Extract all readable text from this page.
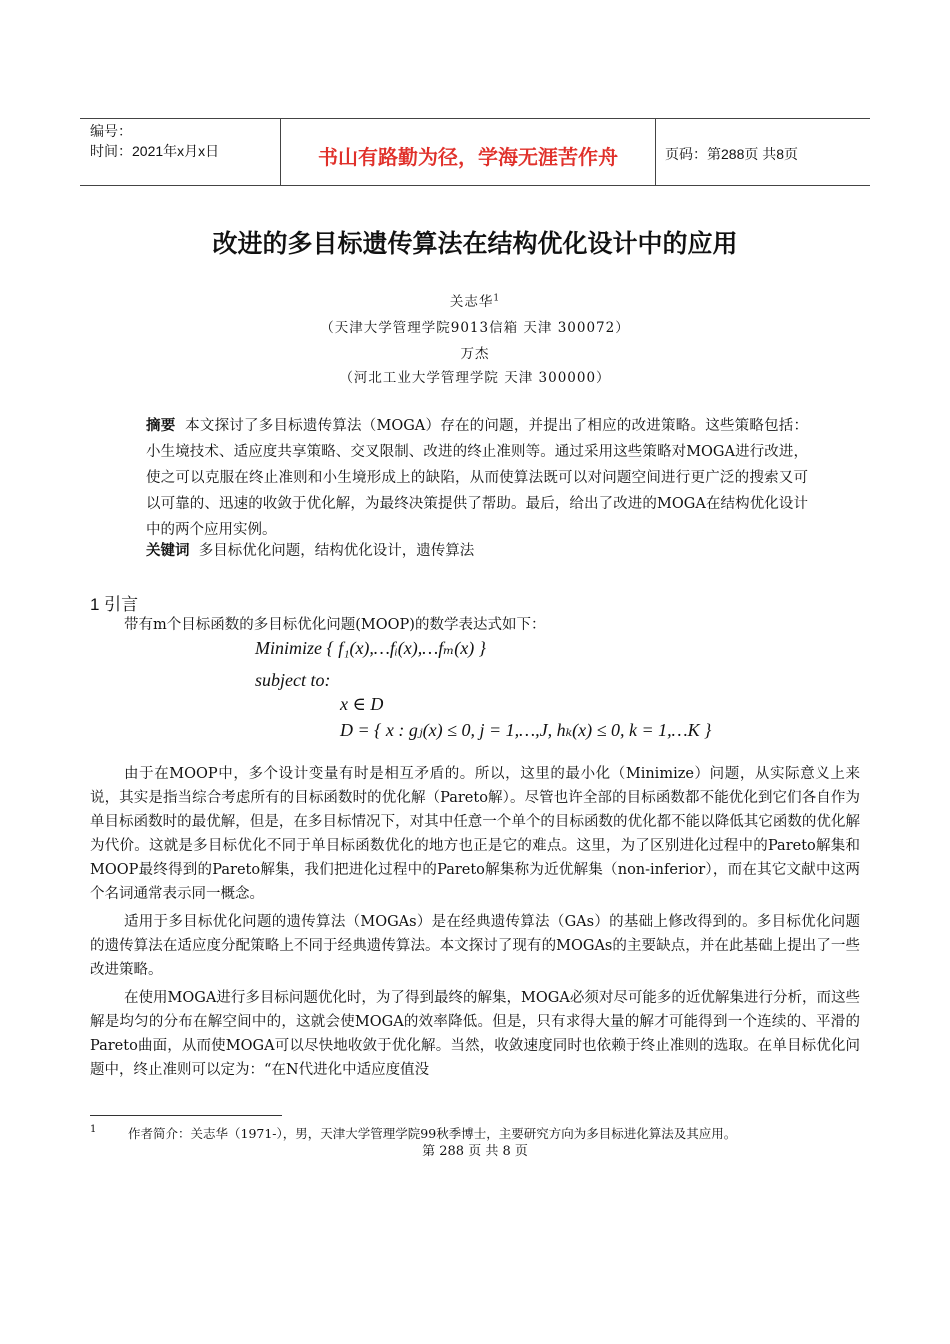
编号：
时间：2021年x月x日	书山有路勤为径，学海无涯苦作舟	页码：第288页 共8页
改进的多目标遗传算法在结构优化设计中的应用
关志华$^1$
（天津大学管理学院9013信箱 天津 300072）
万杰
（河北工业大学管理学院 天津 300000）
摘要 本文探讨了多目标遗传算法（MOGA）存在的问题，并提出了相应的改进策略。这些策略包括：小生境技术、适应度共享策略、交叉限制、改进的终止准则等。通过采用这些策略对MOGA进行改进，使之可以克服在终止准则和小生境形成上的缺陷，从而使算法既可以对问题空间进行更广泛的搜索又可以可靠的、迅速的收敛于优化解，为最终决策提供了帮助。最后，给出了改进的MOGA在结构优化设计中的两个应用实例。
关键词 多目标优化问题，结构优化设计，遗传算法
1 引言
带有m个目标函数的多目标优化问题(MOOP)的数学表达式如下：
Minimize { f₁(x),…fᵢ(x),…fₘ(x) }
subject to:
x ∈ D
D = { x : gⱼ(x) ≤ 0, j = 1,…,J, hₖ(x) ≤ 0, k = 1,…K }
由于在MOOP中，多个设计变量有时是相互矛盾的。所以，这里的最小化（Minimize）问题，从实际意义上来说，其实是指当综合考虑所有的目标函数时的优化解（Pareto解）。尽管也许全部的目标函数都不能优化到它们各自作为单目标函数时的最优解，但是，在多目标情况下，对其中任意一个单个的目标函数的优化都不能以降低其它函数的优化解为代价。这就是多目标优化不同于单目标函数优化的地方也正是它的难点。这里，为了区别进化过程中的Pareto解集和MOOP最终得到的Pareto解集，我们把进化过程中的Pareto解集称为近优解集（non-inferior），而在其它文献中这两个名词通常表示同一概念。
适用于多目标优化问题的遗传算法（MOGAs）是在经典遗传算法（GAs）的基础上修改得到的。多目标优化问题的遗传算法在适应度分配策略上不同于经典遗传算法。本文探讨了现有的MOGAs的主要缺点，并在此基础上提出了一些改进策略。
在使用MOGA进行多目标问题优化时，为了得到最终的解集，MOGA必须对尽可能多的近优解集进行分析，而这些解是均匀的分布在解空间中的，这就会使MOGA的效率降低。但是，只有求得大量的解才可能得到一个连续的、平滑的Pareto曲面，从而使MOGA可以尽快地收敛于优化解。当然，收敛速度同时也依赖于终止准则的选取。在单目标优化问题中，终止准则可以定为：“在N代进化中适应度值没
1	作者简介：关志华（1971-），男，天津大学管理学院99秋季博士，主要研究方向为多目标进化算法及其应用。
第 288 页 共 8 页
